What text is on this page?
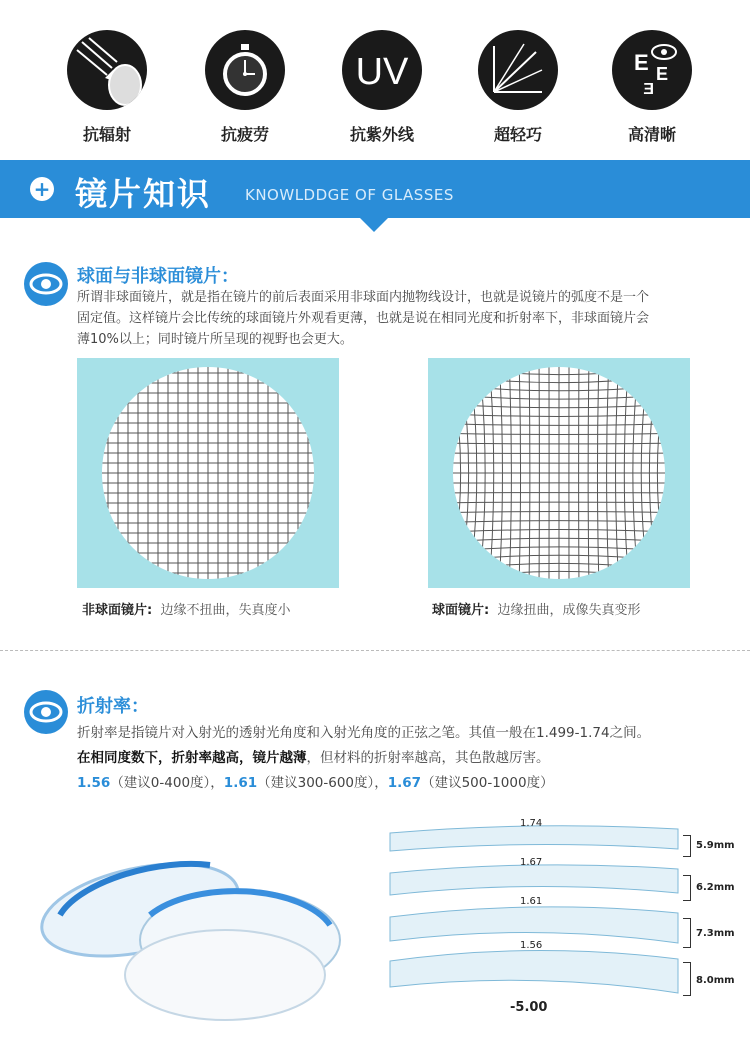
抗辐射	抗疲劳
UV
抗紫外线	超轻巧
E E
E
高清晰
+ 镜片知识 KNOWLDDGE OF GLASSES
球面与非球面镜片：
所谓非球面镜片，就是指在镜片的前后表面采用非球面内抛物线设计，也就是说镜片的弧度不是一个
固定值。这样镜片会比传统的球面镜片外观看更薄，也就是说在相同光度和折射率下，非球面镜片会
薄10%以上；同时镜片所呈现的视野也会更大。
非球面镜片: 边缘不扭曲，失真度小	球面镜片: 边缘扭曲，成像失真变形
折射率：
折射率是指镜片对入射光的透射光角度和入射光角度的正弦之笔。其值一般在1.499-1.74之间。
在相同度数下，折射率越高，镜片越薄，但材料的折射率越高，其色散越厉害。
1.56（建议0-400度），1.61（建议300-600度），1.67（建议500-1000度）
1.74
1.67
1.61
1.56
5.9mm
6.2mm
7.3mm
8.0mm
-5.00
